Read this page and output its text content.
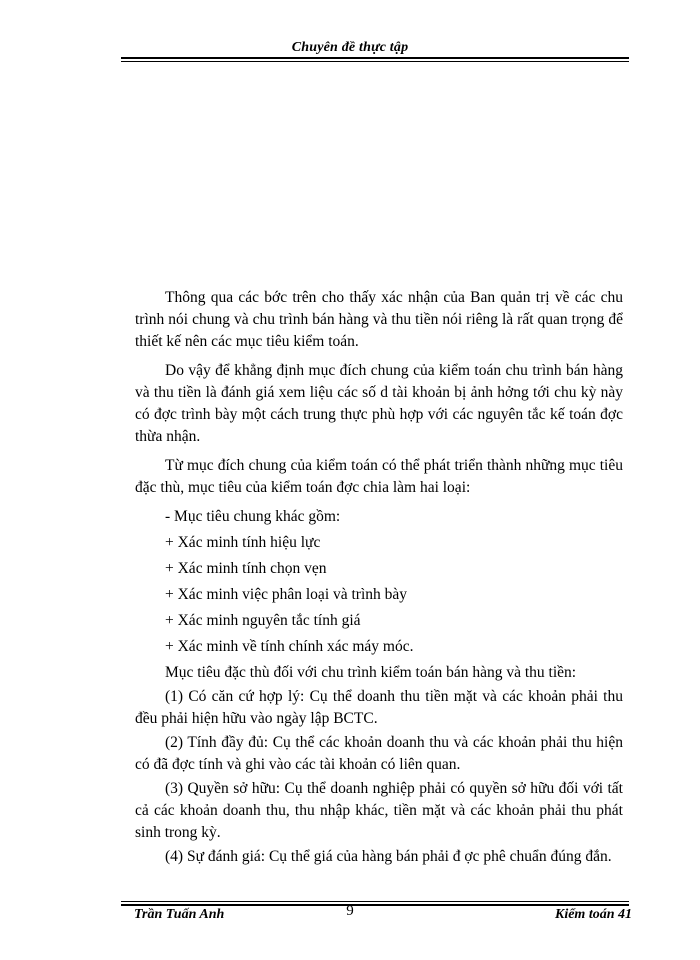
Chuyên đề thực tập

Thông qua các bớc trên cho thấy xác nhận của Ban quản trị về các chu trình nói chung và chu trình bán hàng và thu tiền nói riêng là rất quan trọng để thiết kế nên các mục tiêu kiểm toán.

Do vậy để khẳng định mục đích chung của kiểm toán chu trình bán hàng và thu tiền là đánh giá xem liệu các số d tài khoản bị ảnh hởng tới chu kỳ này có đợc trình bày một cách trung thực phù hợp với các nguyên tắc kế toán đợc thừa nhận.

Từ mục đích chung của kiểm toán có thể phát triển thành những mục tiêu đặc thù, mục tiêu của kiểm toán đợc chia làm hai loại:

- Mục tiêu chung khác gồm:

+ Xác minh tính hiệu lực

+ Xác minh tính chọn vẹn

+ Xác minh việc phân loại và trình bày

+ Xác minh nguyên tắc tính giá

+ Xác minh về tính chính xác máy móc.

Mục tiêu đặc thù đối với chu trình kiểm toán bán hàng và thu tiền:

(1) Có căn cứ hợp lý: Cụ thể doanh thu tiền mặt và các khoản phải thu đều phải hiện hữu vào ngày lập BCTC.

(2) Tính đầy đủ: Cụ thể các khoản doanh thu và các khoản phải thu hiện có đã đợc tính và ghi vào các tài khoản có liên quan.

(3) Quyền sở hữu: Cụ thể doanh nghiệp phải có quyền sở hữu đối với tất cả các khoản doanh thu, thu nhập khác, tiền mặt và các khoản phải thu phát sinh trong kỳ.

(4) Sự đánh giá: Cụ thể giá của hàng bán phải đ ợc phê chuẩn đúng đắn.

Trần Tuấn Anh	9	Kiểm toán 41
